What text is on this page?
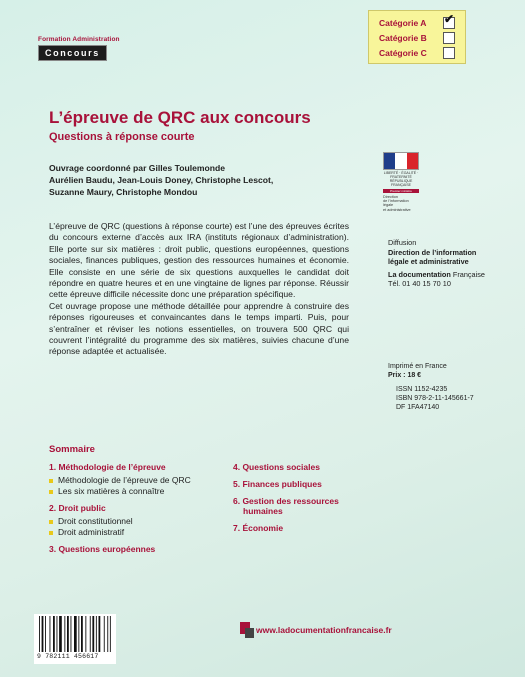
Formation Administration
Concours
Catégorie A	✔
Catégorie B
Catégorie C
L’épreuve de QRC aux concours
Questions à réponse courte
Ouvrage coordonné par Gilles Toulemonde
Aurélien Baudu, Jean-Louis Doney, Christophe Lescot,
Suzanne Maury, Christophe Mondou
LIBERTÉ · ÉGALITÉ · FRATERNITÉ RÉPUBLIQUE FRANÇAISE
Premier ministre
Direction
de l’information
légale
et administrative

L’épreuve de QRC (questions à réponse courte) est l’une des épreuves écrites du concours externe d’accès aux IRA (instituts régionaux d’administration). Elle porte sur six matières : droit public, questions européennes, questions sociales, finances publiques, gestion des ressources humaines et économie. Elle consiste en une série de six questions auxquelles le candidat doit répondre en quatre heures et en une vingtaine de lignes par réponse. Réussir cette épreuve difficile nécessite donc une préparation spécifique.

Cet ouvrage propose une méthode détaillée pour apprendre à construire des réponses rigoureuses et convaincantes dans le temps imparti. Puis, pour s’entraîner et réviser les notions essentielles, on trouvera 500 QRC qui couvrent l’intégralité du programme des six matières, suivies chacune d’une réponse adaptée et actualisée.

Diffusion
Direction de l’information
légale et administrative
La documentation Française
Tél. 01 40 15 70 10
Imprimé en France
Prix : 18 €
ISSN 1152-4235
ISBN 978-2-11-145661-7
DF 1FA47140
Sommaire
1. Méthodologie de l’épreuve
Méthodologie de l’épreuve de QRC
Les six matières à connaître
2. Droit public
Droit constitutionnel
Droit administratif
3. Questions européennes
4. Questions sociales
5. Finances publiques
6. Gestion des ressources
humaines
7. Économie
9 782111 456617
www.ladocumentationfrancaise.fr
